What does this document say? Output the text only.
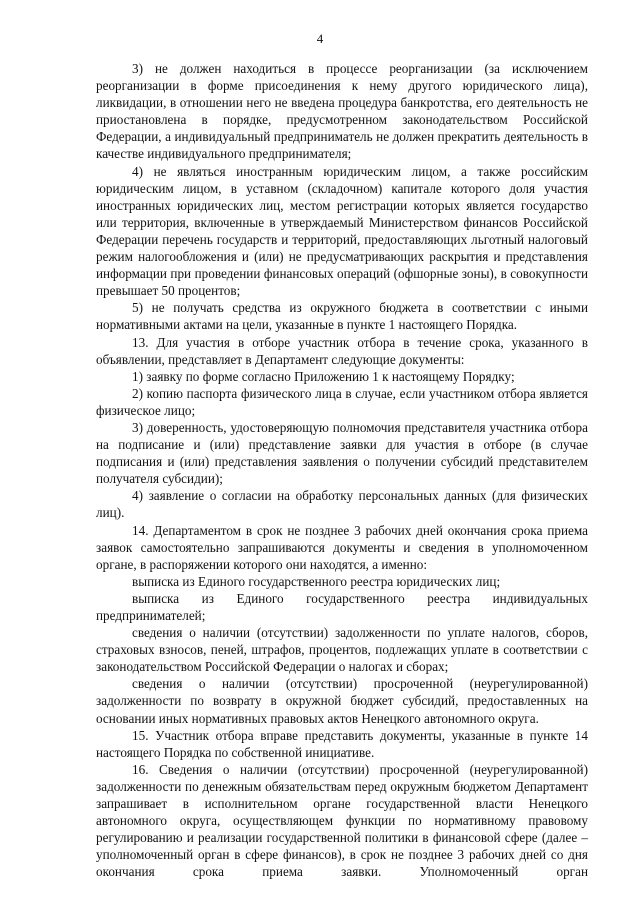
4

3) не должен находиться в процессе реорганизации (за исключением реорганизации в форме присоединения к нему другого юридического лица), ликвидации, в отношении него не введена процедура банкротства, его деятельность не приостановлена в порядке, предусмотренном законодательством Российской Федерации, а индивидуальный предприниматель не должен прекратить деятельность в качестве индивидуального предпринимателя;

4) не являться иностранным юридическим лицом, а также российским юридическим лицом, в уставном (складочном) капитале которого доля участия иностранных юридических лиц, местом регистрации которых является государство или территория, включенные в утверждаемый Министерством финансов Российской Федерации перечень государств и территорий, предоставляющих льготный налоговый режим налогообложения и (или) не предусматривающих раскрытия и представления информации при проведении финансовых операций (офшорные зоны), в совокупности превышает 50 процентов;

5) не получать средства из окружного бюджета в соответствии с иными нормативными актами на цели, указанные в пункте 1 настоящего Порядка.

13. Для участия в отборе участник отбора в течение срока, указанного в объявлении, представляет в Департамент следующие документы:

1) заявку по форме согласно Приложению 1 к настоящему Порядку;

2) копию паспорта физического лица в случае, если участником отбора является физическое лицо;

3) доверенность, удостоверяющую полномочия представителя участника отбора на подписание и (или) представление заявки для участия в отборе (в случае подписания и (или) представления заявления о получении субсидий представителем получателя субсидии);

4) заявление о согласии на обработку персональных данных (для физических лиц).

14. Департаментом в срок не позднее 3 рабочих дней окончания срока приема заявок самостоятельно запрашиваются документы и сведения в уполномоченном органе, в распоряжении которого они находятся, а именно:

выписка из Единого государственного реестра юридических лиц;

выписка из Единого государственного реестра индивидуальных предпринимателей;

сведения о наличии (отсутствии) задолженности по уплате налогов, сборов, страховых взносов, пеней, штрафов, процентов, подлежащих уплате в соответствии с законодательством Российской Федерации о налогах и сборах;

сведения о наличии (отсутствии) просроченной (неурегулированной) задолженности по возврату в окружной бюджет субсидий, предоставленных на основании иных нормативных правовых актов Ненецкого автономного округа.

15. Участник отбора вправе представить документы, указанные в пункте 14 настоящего Порядка по собственной инициативе.

16. Сведения о наличии (отсутствии) просроченной (неурегулированной) задолженности по денежным обязательствам перед окружным бюджетом Департамент запрашивает в исполнительном органе государственной власти Ненецкого автономного округа, осуществляющем функции по нормативному правовому регулированию и реализации государственной политики в финансовой сфере (далее – уполномоченный орган в сфере финансов), в срок не позднее 3 рабочих дней со дня окончания срока приема заявки. Уполномоченный орган
